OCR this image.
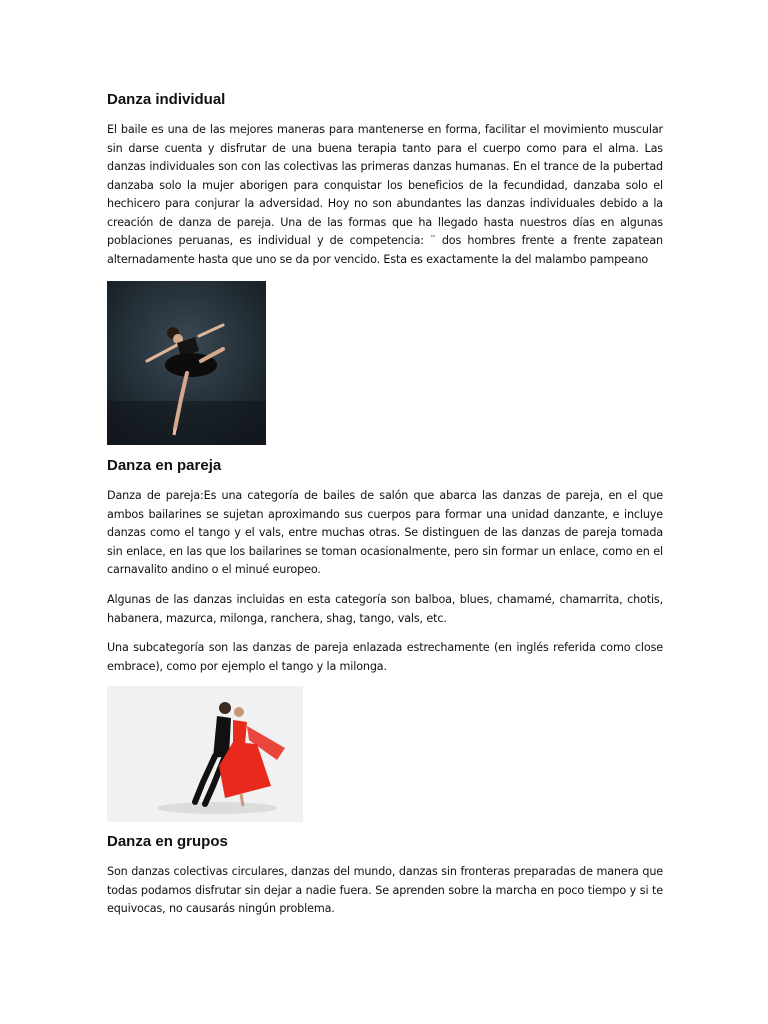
Danza individual

El baile es una de las mejores maneras para mantenerse en forma, facilitar el movimiento muscular sin darse cuenta y disfrutar de una buena terapia tanto para el cuerpo como para el alma. Las danzas individuales son con las colectivas las primeras danzas humanas. En el trance de la pubertad danzaba solo la mujer aborigen para conquistar los beneficios de la fecundidad, danzaba solo el hechicero para conjurar la adversidad. Hoy no son abundantes las danzas individuales debido a la creación de danza de pareja. Una de las formas que ha llegado hasta nuestros días en algunas poblaciones peruanas, es individual y de competencia: ¨ dos hombres frente a frente zapatean alternadamente hasta que uno se da por vencido. Esta es exactamente la del malambo pampeano

Danza en pareja

Danza de pareja:Es una categoría de bailes de salón que abarca las danzas de pareja, en el que ambos bailarines se sujetan aproximando sus cuerpos para formar una unidad danzante, e incluye danzas como el tango y el vals, entre muchas otras. Se distinguen de las danzas de pareja tomada sin enlace, en las que los bailarines se toman ocasionalmente, pero sin formar un enlace, como en el carnavalito andino o el minué europeo.

Algunas de las danzas incluidas en esta categoría son balboa, blues, chamamé, chamarrita, chotis, habanera, mazurca, milonga, ranchera, shag, tango, vals, etc.

Una subcategoría son las danzas de pareja enlazada estrechamente (en inglés referida como close embrace), como por ejemplo el tango y la milonga.

Danza en grupos

Son danzas colectivas circulares, danzas del mundo, danzas sin fronteras preparadas de manera que todas podamos disfrutar sin dejar a nadie fuera. Se aprenden sobre la marcha en poco tiempo y si te equivocas, no causarás ningún problema.
